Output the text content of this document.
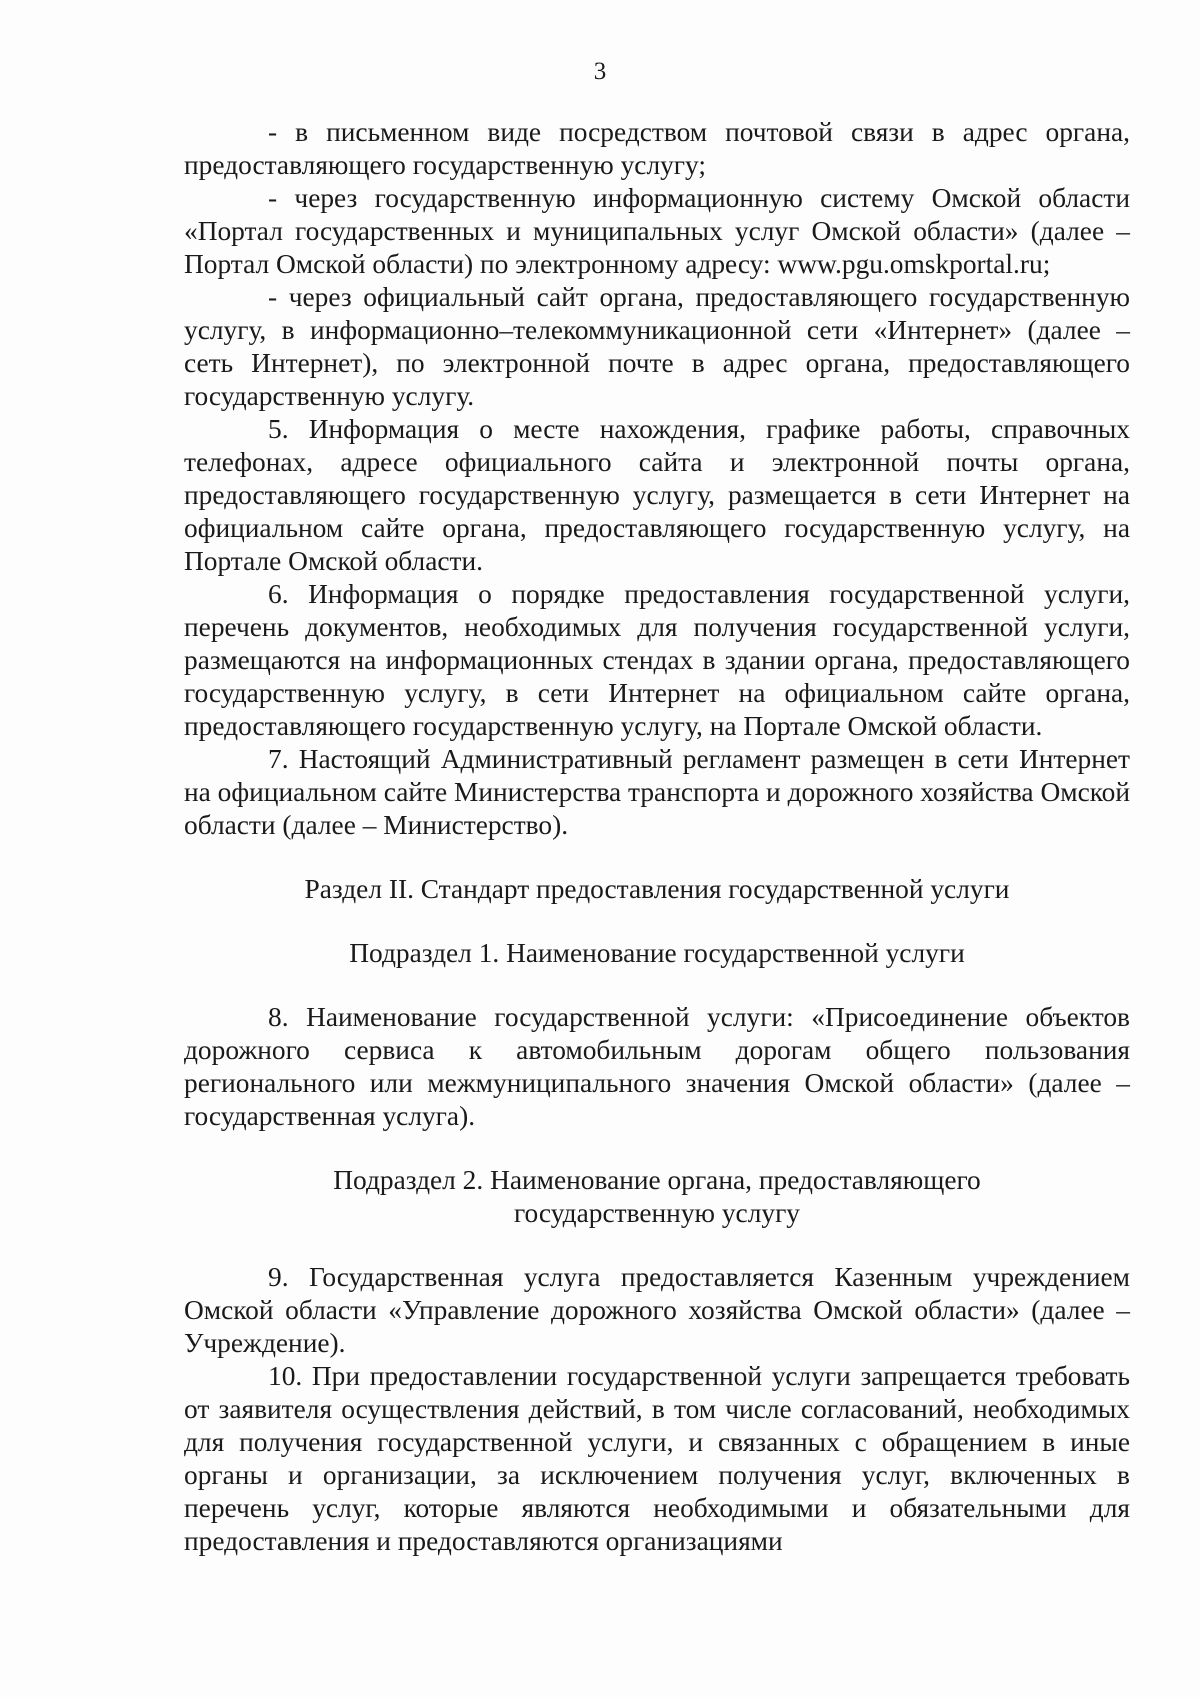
3

- в письменном виде посредством почтовой связи в адрес органа, предоставляющего государственную услугу;

- через государственную информационную систему Омской области «Портал государственных и муниципальных услуг Омской области» (далее – Портал Омской области) по электронному адресу: www.pgu.omskportal.ru;

- через официальный сайт органа, предоставляющего государственную услугу, в информационно–телекоммуникационной сети «Интернет» (далее – сеть Интернет), по электронной почте в адрес органа, предоставляющего государственную услугу.

5. Информация о месте нахождения, графике работы, справочных телефонах, адресе официального сайта и электронной почты органа, предоставляющего государственную услугу, размещается в сети Интернет на официальном сайте органа, предоставляющего государственную услугу, на Портале Омской области.

6. Информация о порядке предоставления государственной услуги, перечень документов, необходимых для получения государственной услуги, размещаются на информационных стендах в здании органа, предоставляющего государственную услугу, в сети Интернет на официальном сайте органа, предоставляющего государственную услугу, на Портале Омской области.

7. Настоящий Административный регламент размещен в сети Интернет на официальном сайте Министерства транспорта и дорожного хозяйства Омской области (далее – Министерство).

Раздел II. Стандарт предоставления государственной услуги

Подраздел 1. Наименование государственной услуги

8. Наименование государственной услуги: «Присоединение объектов дорожного сервиса к автомобильным дорогам общего пользования регионального или межмуниципального значения Омской области» (далее – государственная услуга).

Подраздел 2. Наименование органа, предоставляющего

государственную услугу

9. Государственная услуга предоставляется Казенным учреждением Омской области «Управление дорожного хозяйства Омской области» (далее – Учреждение).

10. При предоставлении государственной услуги запрещается требовать от заявителя осуществления действий, в том числе согласований, необходимых для получения государственной услуги, и связанных с обращением в иные органы и организации, за исключением получения услуг, включенных в перечень услуг, которые являются необходимыми и обязательными для предоставления и предоставляются организациями
